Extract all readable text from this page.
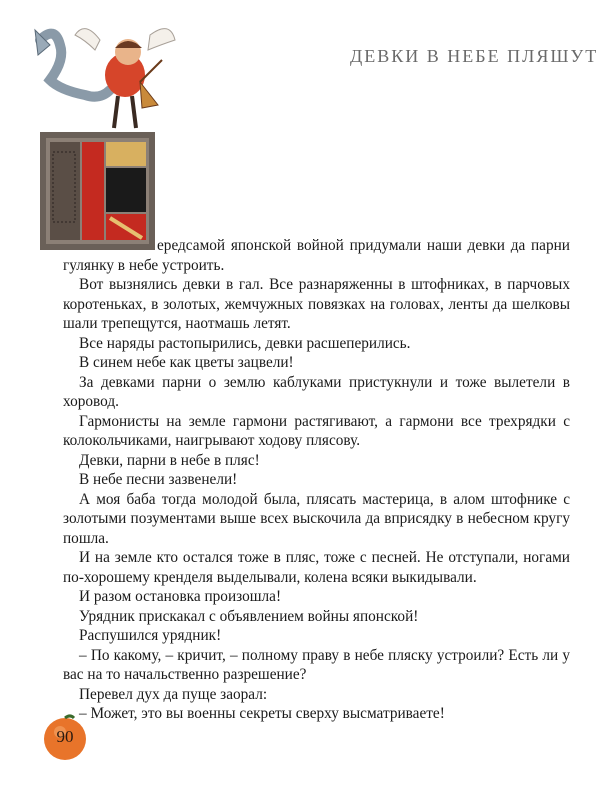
ДЕВКИ В НЕБЕ ПЛЯШУТ

ередсамой японской войной придумали наши девки да парни гулянку в небе устроить.

Вот вызнялись девки в гал. Все разнаряженны в штофниках, в парчовых коротеньках, в золотых, жемчужных повязках на головах, ленты да шелковы шали трепещутся, наотмашь летят.

Все наряды растопырились, девки расшеперились.

В синем небе как цветы зацвели!

За девками парни о землю каблуками пристукнули и тоже вылетели в хоровод.

Гармонисты на земле гармони растягивают, а гармони все трехрядки с колокольчиками, наигрывают ходову плясову.

Девки, парни в небе в пляс!

В небе песни зазвенели!

А моя баба тогда молодой была, плясать мастерица, в алом штофнике с золотыми позументами выше всех выскочила да вприсядку в небесном кругу пошла.

И на земле кто остался тоже в пляс, тоже с песней. Не отступали, ногами по-хорошему кренделя выделывали, колена всяки выкидывали.

И разом остановка произошла!

Урядник прискакал с объявлением войны японской!

Распушился урядник!

– По какому, – кричит, – полному праву в небе пляску устроили? Есть ли у вас на то начальственно разрешение?

Перевел дух да пуще заорал:

– Может, это вы военны секреты сверху высматриваете!

90
